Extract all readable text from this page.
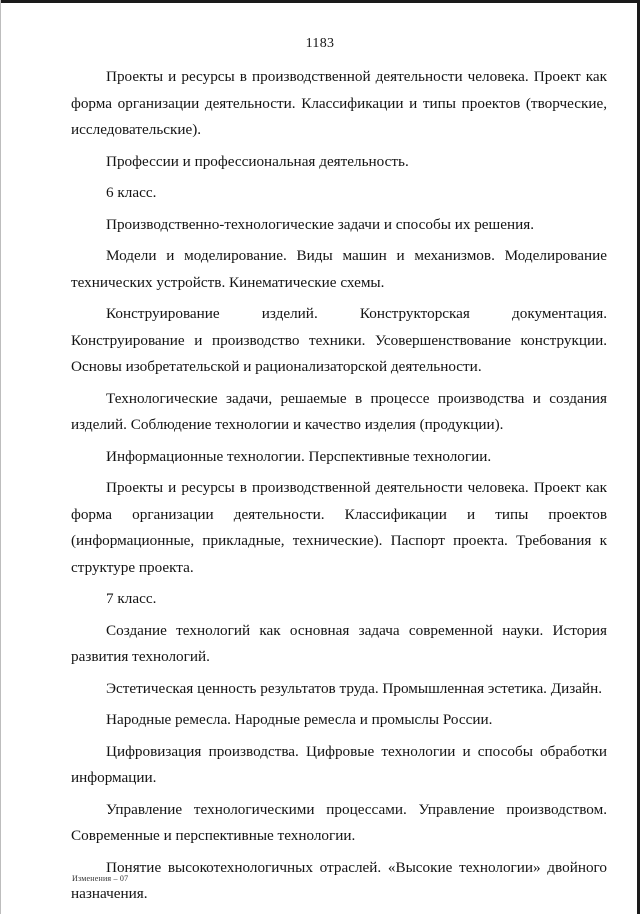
1183

Проекты и ресурсы в производственной деятельности человека. Проект как форма организации деятельности. Классификации и типы проектов (творческие, исследовательские).

Профессии и профессиональная деятельность.

6 класс.

Производственно-технологические задачи и способы их решения.

Модели и моделирование. Виды машин и механизмов. Моделирование технических устройств. Кинематические схемы.

Конструирование изделий. Конструкторская документация. Конструирование и производство техники. Усовершенствование конструкции. Основы изобретательской и рационализаторской деятельности.

Технологические задачи, решаемые в процессе производства и создания изделий. Соблюдение технологии и качество изделия (продукции).

Информационные технологии. Перспективные технологии.

Проекты и ресурсы в производственной деятельности человека. Проект как форма организации деятельности. Классификации и типы проектов (информационные, прикладные, технические). Паспорт проекта. Требования к структуре проекта.

7 класс.

Создание технологий как основная задача современной науки. История развития технологий.

Эстетическая ценность результатов труда. Промышленная эстетика. Дизайн.

Народные ремесла. Народные ремесла и промыслы России.

Цифровизация производства. Цифровые технологии и способы обработки информации.

Управление технологическими процессами. Управление производством. Современные и перспективные технологии.

Понятие высокотехнологичных отраслей. «Высокие технологии» двойного назначения.

Изменения – 07
